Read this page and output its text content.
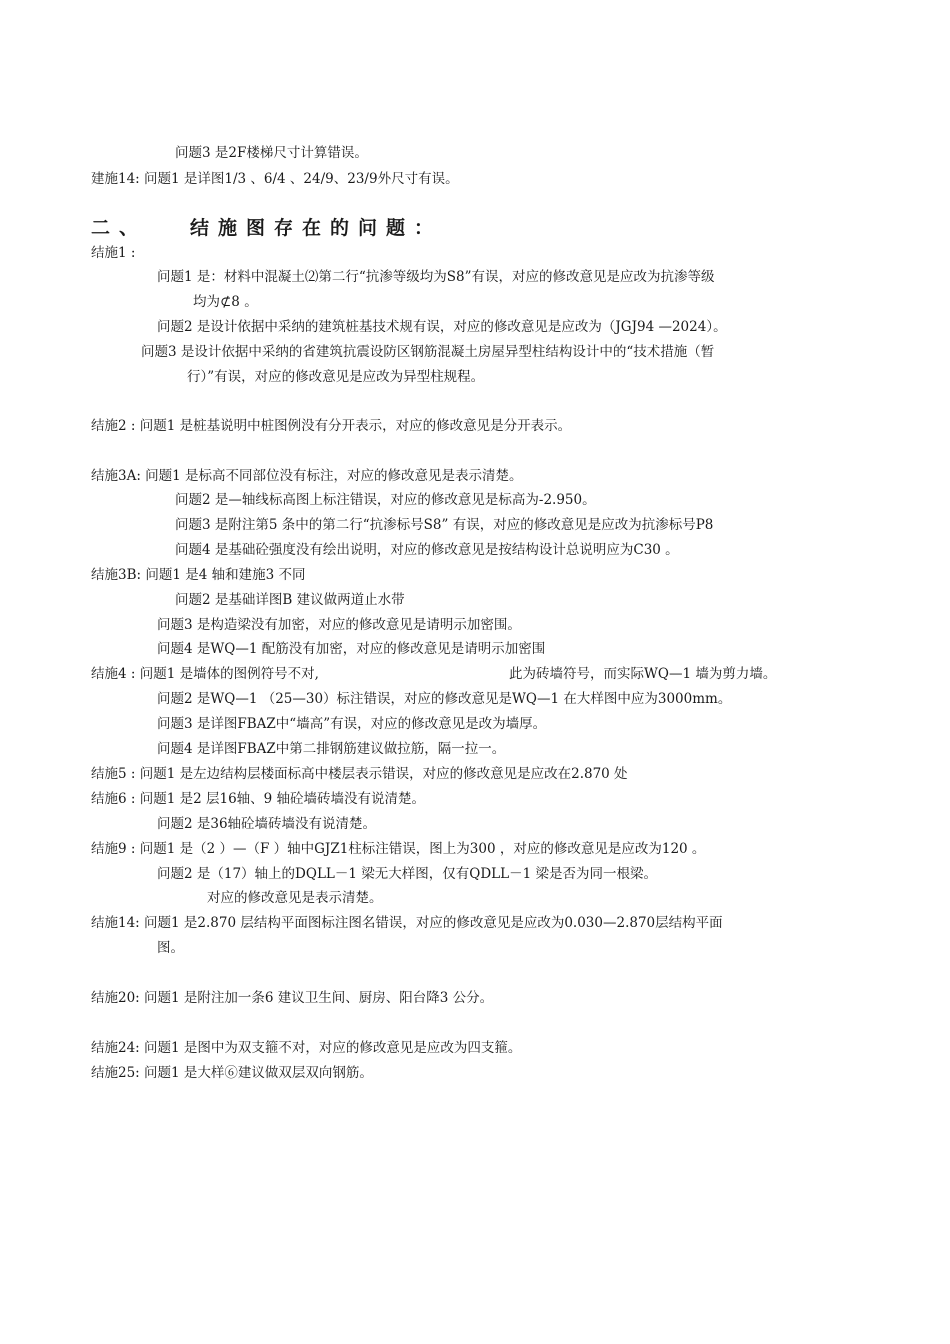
问题3 是2F楼梯尺寸计算错误。
建施14: 问题1 是详图1/3 、6/4 、24/9、23/9外尺寸有误。
二、 结施图存在的问题：
结施1 :
问题1 是：材料中混凝土⑵第二行“抗渗等级均为S8”有误，对应的修改意见是应改为抗渗等级
均为⊄8 。
问题2 是设计依据中采纳的建筑桩基技术规有误，对应的修改意见是应改为（JGJ94 —2024）。
问题3 是设计依据中采纳的省建筑抗震设防区钢筋混凝土房屋异型柱结构设计中的“技术措施（暂
行）”有误，对应的修改意见是应改为异型柱规程。
结施2 : 问题1 是桩基说明中桩图例没有分开表示，对应的修改意见是分开表示。
结施3A: 问题1 是标高不同部位没有标注，对应的修改意见是表示清楚。
问题2 是—轴线标高图上标注错误，对应的修改意见是标高为-2.950。
问题3 是附注第5 条中的第二行“抗渗标号S8” 有误，对应的修改意见是应改为抗渗标号P8
问题4 是基础砼强度没有绘出说明，对应的修改意见是按结构设计总说明应为C30 。
结施3B: 问题1 是4 轴和建施3 不同
问题2 是基础详图B 建议做两道止水带
问题3 是构造梁没有加密，对应的修改意见是请明示加密围。
问题4 是WQ—1 配筋没有加密，对应的修改意见是请明示加密围
结施4 : 问题1 是墙体的图例符号不对,	此为砖墙符号，而实际WQ—1 墙为剪力墙。
问题2 是WQ—1 （25—30）标注错误，对应的修改意见是WQ—1 在大样图中应为3000mm。
问题3 是详图FBAZ中“墙高”有误，对应的修改意见是改为墙厚。
问题4 是详图FBAZ中第二排钢筋建议做拉筋，隔一拉一。
结施5 : 问题1 是左边结构层楼面标高中楼层表示错误，对应的修改意见是应改在2.870 处
结施6 : 问题1 是2 层16轴、9 轴砼墙砖墙没有说清楚。
问题2 是36轴砼墙砖墙没有说清楚。
结施9 : 问题1 是（2 ）—（F ）轴中GJZ1柱标注错误，图上为300 ，对应的修改意见是应改为120 。
问题2 是（17）轴上的DQLL－1 梁无大样图，仅有QDLL－1 梁是否为同一根梁。
对应的修改意见是表示清楚。
结施14: 问题1 是2.870 层结构平面图标注图名错误，对应的修改意见是应改为0.030—2.870层结构平面
图。
结施20: 问题1 是附注加一条6 建议卫生间、厨房、阳台降3 公分。
结施24: 问题1 是图中为双支箍不对，对应的修改意见是应改为四支箍。
结施25: 问题1 是大样⑥建议做双层双向钢筋。
